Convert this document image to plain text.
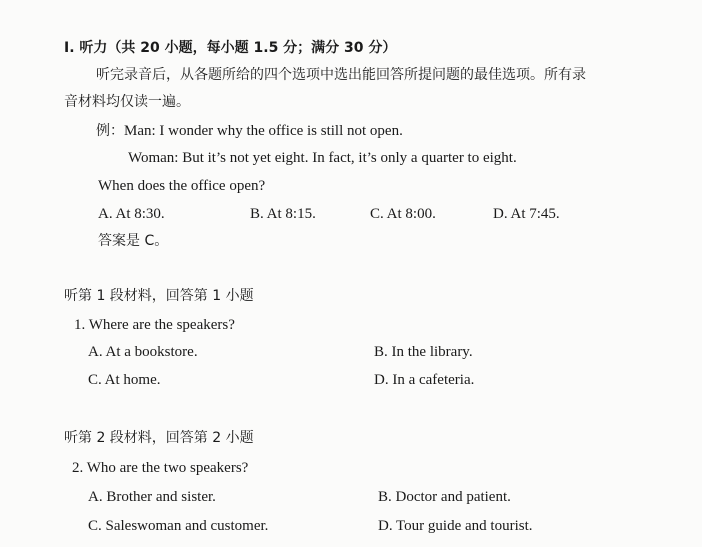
I. 听力（共 20 小题，每小题 1.5 分；满分 30 分）
听完录音后，从各题所给的四个选项中选出能回答所提问题的最佳选项。所有录
音材料均仅读一遍。
例：Man: I wonder why the office is still not open.
Woman: But it’s not yet eight. In fact, it’s only a quarter to eight.
When does the office open?
A. At 8:30.	B. At 8:15.	C. At 8:00.	D. At 7:45.
答案是 C。
听第 1 段材料，回答第 1 小题
1. Where are the speakers?
A. At a bookstore.	B. In the library.
C. At home.	D. In a cafeteria.
听第 2 段材料，回答第 2 小题
2. Who are the two speakers?
A. Brother and sister.	B. Doctor and patient.
C. Saleswoman and customer.	D. Tour guide and tourist.
